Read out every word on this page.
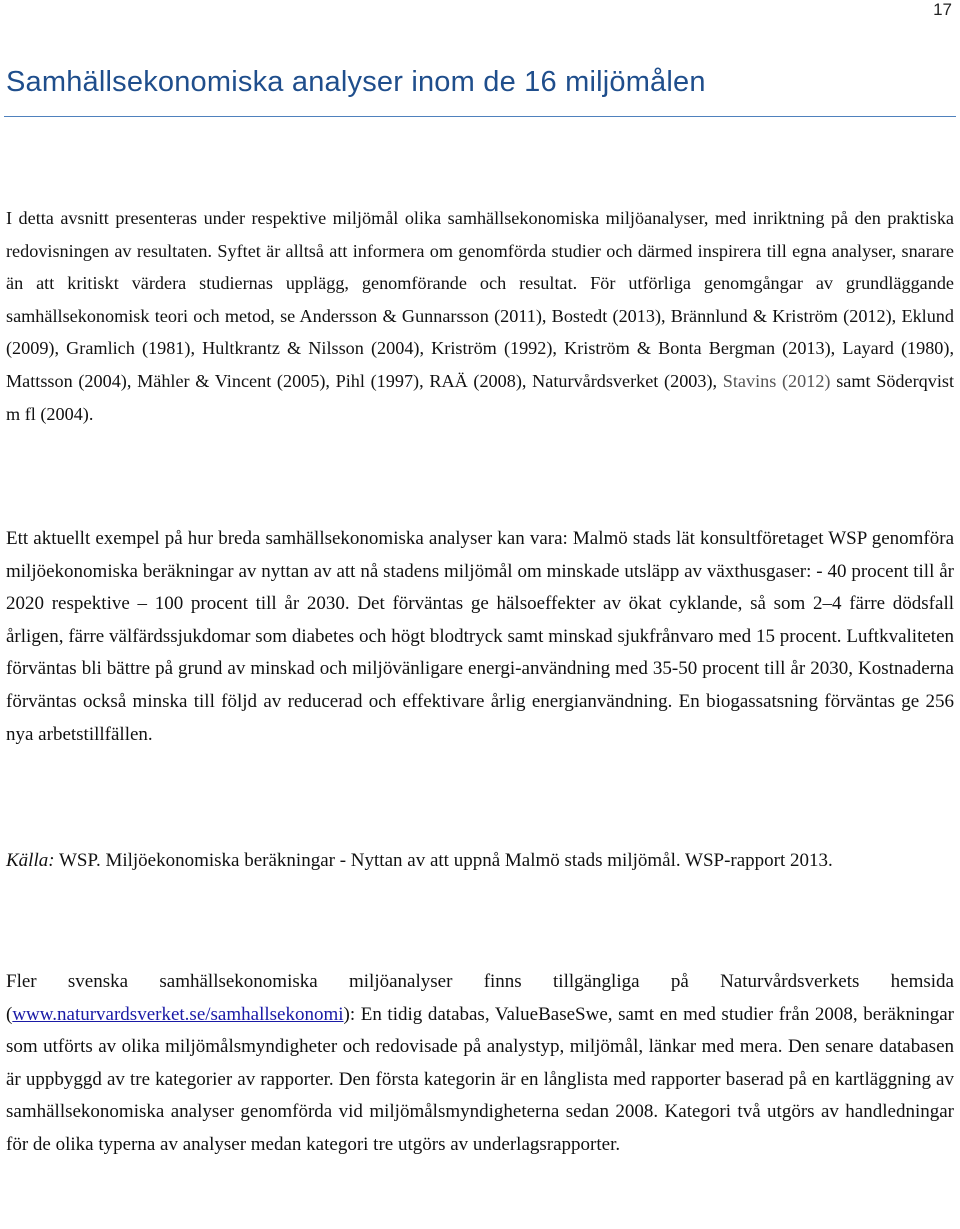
17
Samhällsekonomiska analyser inom de 16 miljömålen

I detta avsnitt presenteras under respektive miljömål olika samhällsekonomiska miljöanalyser, med inriktning på den praktiska redovisningen av resultaten. Syftet är alltså att informera om genomförda studier och därmed inspirera till egna analyser, snarare än att kritiskt värdera studiernas upplägg, genomförande och resultat. För utförliga genomgångar av grundläggande samhällsekonomisk teori och metod, se Andersson & Gunnarsson (2011), Bostedt (2013), Brännlund & Kriström (2012), Eklund (2009), Gramlich (1981), Hultkrantz & Nilsson (2004), Kriström (1992), Kriström & Bonta Bergman (2013), Layard (1980), Mattsson (2004), Mähler & Vincent (2005), Pihl (1997), RAÄ (2008), Naturvårdsverket (2003), Stavins (2012) samt Söderqvist m fl (2004).

Ett aktuellt exempel på hur breda samhällsekonomiska analyser kan vara: Malmö stads lät konsultföretaget WSP genomföra miljöekonomiska beräkningar av nyttan av att nå stadens miljömål om minskade utsläpp av växthusgaser: - 40 procent till år 2020 respektive – 100 procent till år 2030. Det förväntas ge hälsoeffekter av ökat cyklande, så som 2–4 färre dödsfall årligen, färre välfärdssjukdomar som diabetes och högt blodtryck samt minskad sjukfrånvaro med 15 procent. Luftkvaliteten förväntas bli bättre på grund av minskad och miljövänligare energi-användning med 35-50 procent till år 2030, Kostnaderna förväntas också minska till följd av reducerad och effektivare årlig energianvändning. En biogassatsning förväntas ge 256 nya arbetstillfällen.

Källa: WSP. Miljöekonomiska beräkningar - Nyttan av att uppnå Malmö stads miljömål. WSP-rapport 2013.

Fler svenska samhällsekonomiska miljöanalyser finns tillgängliga på Naturvårdsverkets hemsida (www.naturvardsverket.se/samhallsekonomi): En tidig databas, ValueBaseSwe, samt en med studier från 2008, beräkningar som utförts av olika miljömålsmyndigheter och redovisade på analystyp, miljömål, länkar med mera. Den senare databasen är uppbyggd av tre kategorier av rapporter. Den första kategorin är en långlista med rapporter baserad på en kartläggning av samhällsekonomiska analyser genomförda vid miljömålsmyndigheterna sedan 2008. Kategori två utgörs av handledningar för de olika typerna av analyser medan kategori tre utgörs av underlagsrapporter.
